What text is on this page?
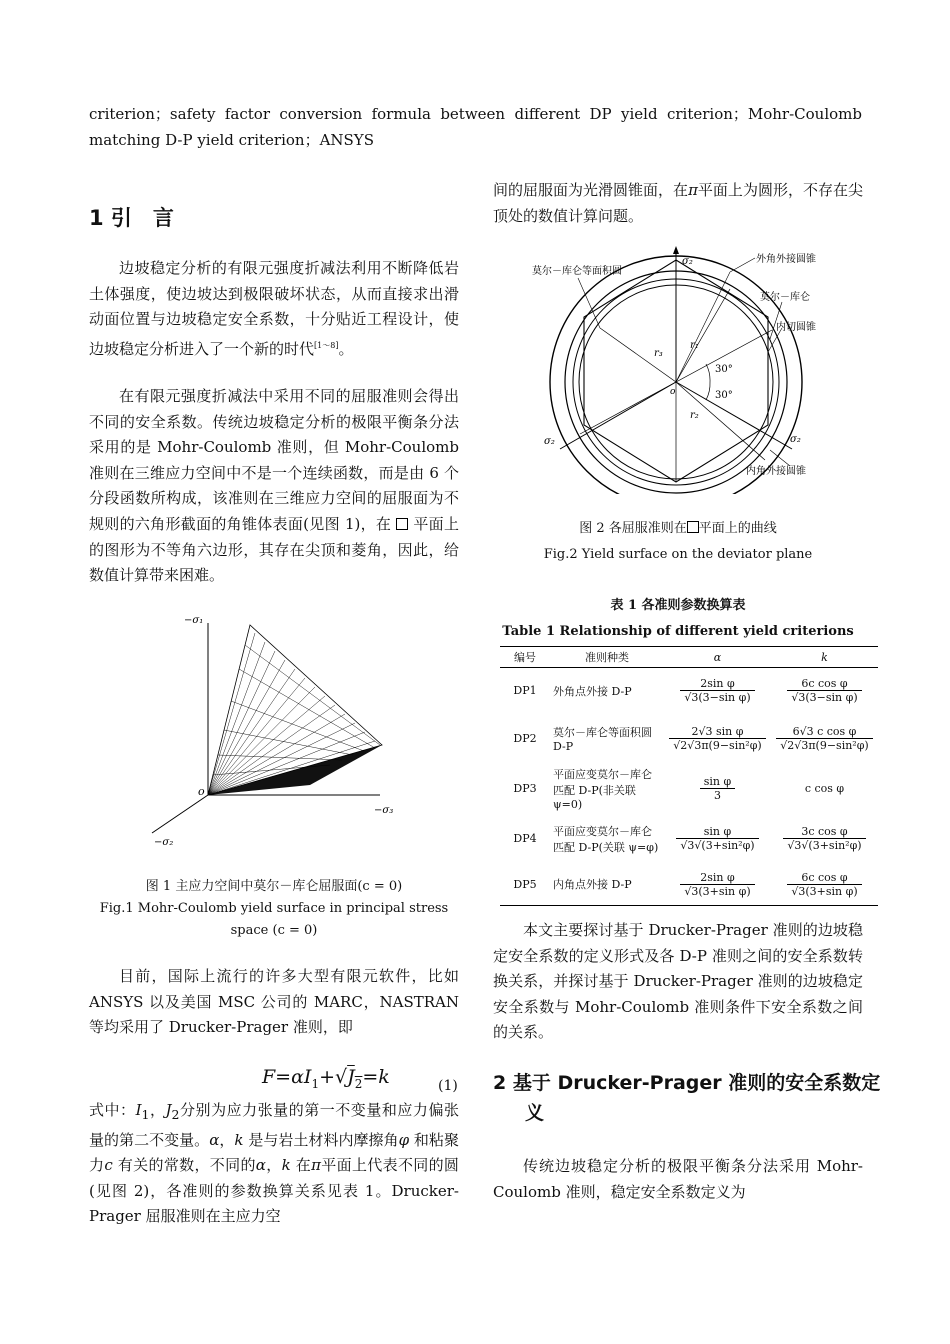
criterion；safety factor conversion formula between different DP yield criterion；Mohr-Coulomb matching D-P yield criterion；ANSYS
1 引　言
边坡稳定分析的有限元强度折减法利用不断降低岩土体强度，使边坡达到极限破坏状态，从而直接求出滑动面位置与边坡稳定安全系数，十分贴近工程设计，使边坡稳定分析进入了一个新的时代[1～8]。
在有限元强度折减法中采用不同的屈服准则会得出不同的安全系数。传统边坡稳定分析的极限平衡条分法采用的是 Mohr-Coulomb 准则，但 Mohr-Coulomb 准则在三维应力空间中不是一个连续函数，而是由 6 个分段函数所构成，该准则在三维应力空间的屈服面为不规则的六角形截面的角锥体表面(见图 1)，在 平面上的图形为不等角六边形，其存在尖顶和菱角，因此，给数值计算带来困难。
−σ₁
−σ₃
−σ₂
o
图 1 主应力空间中莫尔－库仑屈服面(c = 0)
Fig.1 Mohr-Coulomb yield surface in principal stress space (c = 0)
目前，国际上流行的许多大型有限元软件，比如 ANSYS 以及美国 MSC 公司的 MARC，NASTRAN 等均采用了 Drucker-Prager 准则，即
$F=\alpha I_1+√J_2=k$	(1)
式中：$I_1$，$J_2$分别为应力张量的第一不变量和应力偏张量的第二不变量。α，k 是与岩土材料内摩擦角φ 和粘聚力c 有关的常数，不同的α，k 在π平面上代表不同的圆(见图 2)，各准则的参数换算关系见表 1。Drucker-Prager 屈服准则在主应力空
间的屈服面为光滑圆锥面，在π平面上为圆形，不存在尖顶处的数值计算问题。
σ₂
σ₂	σ₂
o
30°
30°
r₁
r₂
r₃
外角外接圆锥
莫尔－库仑等面积圆
莫尔－库仑
内切圆锥
内角外接圆锥
图 2 各屈服准则在 平面上的曲线
Fig.2 Yield surface on the deviator plane
表 1 各准则参数换算表
Table 1 Relationship of different yield criterions
编号	准则种类	α	k
DP1	外角点外接 D-P	$\frac{\text{2sin φ}}{\text{√3(3−sin φ)}}$	$\frac{\text{6c cos φ}}{\text{√3(3−sin φ)}}$

DP2	莫尔－库仑等面积圆 D-P	$\frac{\text{2√3 sin φ}}{\text{√2√3π(9−sin²φ)}}$	$\frac{\text{6√3 c cos φ}}{\text{√2√3π(9−sin²φ)}}$

DP3	平面应变莫尔－库仑匹配 D-P(非关联 ψ=0)	$\frac{\text{sin φ}}{3}$	c cos φ
DP4	平面应变莫尔－库仑匹配 D-P(关联 ψ=φ)	$\frac{\text{sin φ}}{\text{√3√(3+sin²φ)}}$	$\frac{\text{3c cos φ}}{\text{√3√(3+sin²φ)}}$

DP5	内角点外接 D-P	$\frac{\text{2sin φ}}{\text{√3(3+sin φ)}}$	$\frac{\text{6c cos φ}}{\text{√3(3+sin φ)}}$
本文主要探讨基于 Drucker-Prager 准则的边坡稳定安全系数的定义形式及各 D-P 准则之间的安全系数转换关系，并探讨基于 Drucker-Prager 准则的边坡稳定安全系数与 Mohr-Coulomb 准则条件下安全系数之间的关系。
2 基于 Drucker-Prager 准则的安全系数定义
传统边坡稳定分析的极限平衡条分法采用 Mohr- Coulomb 准则，稳定安全系数定义为
